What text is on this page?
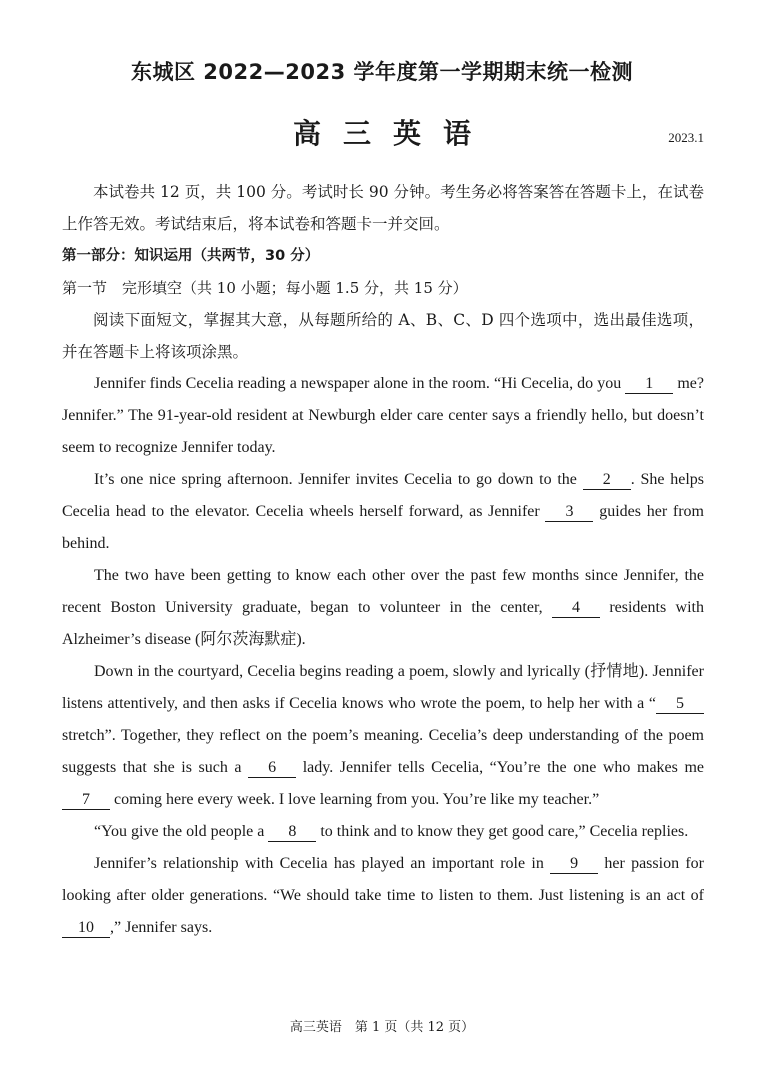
东城区 2022—2023 学年度第一学期期末统一检测
高三英语	2023.1

本试卷共 12 页，共 100 分。考试时长 90 分钟。考生务必将答案答在答题卡上，在试卷上作答无效。考试结束后，将本试卷和答题卡一并交回。

第一部分：知识运用（共两节，30 分）

第一节　完形填空（共 10 小题；每小题 1.5 分，共 15 分）

阅读下面短文，掌握其大意，从每题所给的 A、B、C、D 四个选项中，选出最佳选项，并在答题卡上将该项涂黑。

Jennifer finds Cecelia reading a newspaper alone in the room. “Hi Cecelia, do you 1 me? Jennifer.” The 91-year-old resident at Newburgh elder care center says a friendly hello, but doesn’t seem to recognize Jennifer today.

It’s one nice spring afternoon. Jennifer invites Cecelia to go down to the 2 . She helps Cecelia head to the elevator. Cecelia wheels herself forward, as Jennifer 3 guides her from behind.

The two have been getting to know each other over the past few months since Jennifer, the recent Boston University graduate, began to volunteer in the center, 4 residents with Alzheimer’s disease (阿尔茨海默症).

Down in the courtyard, Cecelia begins reading a poem, slowly and lyrically (抒情地). Jennifer listens attentively, and then asks if Cecelia knows who wrote the poem, to help her with a “ 5 stretch”. Together, they reflect on the poem’s meaning. Cecelia’s deep understanding of the poem suggests that she is such a 6 lady. Jennifer tells Cecelia, “You’re the one who makes me 7 coming here every week. I love learning from you. You’re like my teacher.”

“You give the old people a 8 to think and to know they get good care,” Cecelia replies.

Jennifer’s relationship with Cecelia has played an important role in 9 her passion for looking after older generations. “We should take time to listen to them. Just listening is an act of 10 ,” Jennifer says.

高三英语　第 1 页（共 12 页）
